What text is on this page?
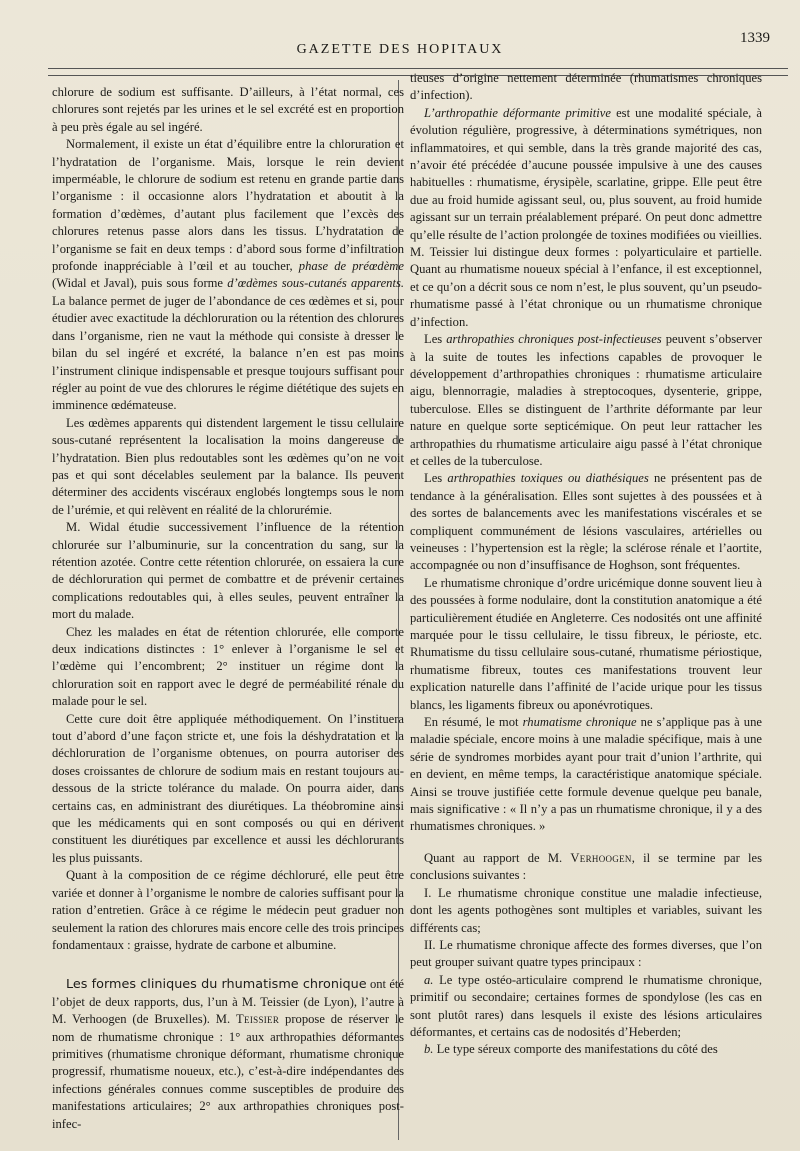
GAZETTE DES HOPITAUX
1339

chlorure de sodium est suffisante. D’ailleurs, à l’état normal, ces chlorures sont rejetés par les urines et le sel excrété est en proportion à peu près égale au sel ingéré.

Normalement, il existe un état d’équilibre entre la chloruration et l’hydratation de l’organisme. Mais, lorsque le rein devient imperméable, le chlorure de sodium est retenu en grande partie dans l’organisme : il occasionne alors l’hydratation et aboutit à la formation d’œdèmes, d’autant plus facilement que l’excès des chlorures retenus passe alors dans les tissus. L’hydratation de l’organisme se fait en deux temps : d’abord sous forme d’infiltration profonde inappréciable à l’œil et au toucher, phase de préœdème (Widal et Javal), puis sous forme d’œdèmes sous-cutanés apparents. La balance permet de juger de l’abondance de ces œdèmes et si, pour étudier avec exactitude la déchloruration ou la rétention des chlorures dans l’organisme, rien ne vaut la méthode qui consiste à dresser le bilan du sel ingéré et excrété, la balance n’en est pas moins l’instrument clinique indispensable et presque toujours suffisant pour régler au point de vue des chlorures le régime diététique des sujets en imminence œdémateuse.

Les œdèmes apparents qui distendent largement le tissu cellulaire sous-cutané représentent la localisation la moins dangereuse de l’hydratation. Bien plus redoutables sont les œdèmes qu’on ne voit pas et qui sont décelables seulement par la balance. Ils peuvent déterminer des accidents viscéraux englobés longtemps sous le nom de l’urémie, et qui relèvent en réalité de la chlorurémie.

M. Widal étudie successivement l’influence de la rétention chlorurée sur l’albuminurie, sur la concentration du sang, sur la rétention azotée. Contre cette rétention chlorurée, on essaiera la cure de déchloruration qui permet de combattre et de prévenir certaines complications redoutables qui, à elles seules, peuvent entraîner la mort du malade.

Chez les malades en état de rétention chlorurée, elle comporte deux indications distinctes : 1° enlever à l’organisme le sel et l’œdème qui l’encombrent; 2° instituer un régime dont la chloruration soit en rapport avec le degré de perméabilité rénale du malade pour le sel.

Cette cure doit être appliquée méthodiquement. On l’instituera tout d’abord d’une façon stricte et, une fois la déshydratation et la déchloruration de l’organisme obtenues, on pourra autoriser des doses croissantes de chlorure de sodium mais en restant toujours au-dessous de la stricte tolérance du malade. On pourra aider, dans certains cas, en administrant des diurétiques. La théobromine ainsi que les médicaments qui en sont composés ou qui en dérivent constituent les diurétiques par excellence et aussi les déchlorurants les plus puissants.

Quant à la composition de ce régime déchloruré, elle peut être variée et donner à l’organisme le nombre de calories suffisant pour la ration d’entretien. Grâce à ce régime le médecin peut graduer non seulement la ration des chlorures mais encore celle des trois principes fondamentaux : graisse, hydrate de carbone et albumine.

Les formes cliniques du rhumatisme chronique ont été l’objet de deux rapports, dus, l’un à M. Teissier (de Lyon), l’autre à M. Verhoogen (de Bruxelles). M. Teissier propose de réserver le nom de rhumatisme chronique : 1° aux arthropathies déformantes primitives (rhumatisme chronique déformant, rhumatisme chronique progressif, rhumatisme noueux, etc.), c’est-à-dire indépendantes des infections générales connues comme susceptibles de produire des manifestations articulaires; 2° aux arthropathies chroniques post-infec-

tieuses d’origine nettement déterminée (rhumatismes chroniques d’infection).

L’arthropathie déformante primitive est une modalité spéciale, à évolution régulière, progressive, à déterminations symétriques, non inflammatoires, et qui semble, dans la très grande majorité des cas, n’avoir été précédée d’aucune poussée impulsive à une des causes habituelles : rhumatisme, érysipèle, scarlatine, grippe. Elle peut être due au froid humide agissant seul, ou, plus souvent, au froid humide agissant sur un terrain préalablement préparé. On peut donc admettre qu’elle résulte de l’action prolongée de toxines modifiées ou vieillies. M. Teissier lui distingue deux formes : polyarticulaire et partielle. Quant au rhumatisme noueux spécial à l’enfance, il est exceptionnel, et ce qu’on a décrit sous ce nom n’est, le plus souvent, qu’un pseudo-rhumatisme passé à l’état chronique ou un rhumatisme chronique d’infection.

Les arthropathies chroniques post-infectieuses peuvent s’observer à la suite de toutes les infections capables de provoquer le développement d’arthropathies chroniques : rhumatisme articulaire aigu, blennorragie, maladies à streptocoques, dysenterie, grippe, tuberculose. Elles se distinguent de l’arthrite déformante par leur nature en quelque sorte septicémique. On peut leur rattacher les arthropathies du rhumatisme articulaire aigu passé à l’état chronique et celles de la tuberculose.

Les arthropathies toxiques ou diathésiques ne présentent pas de tendance à la généralisation. Elles sont sujettes à des poussées et à des sortes de balancements avec les manifestations viscérales et se compliquent communément de lésions vasculaires, artérielles ou veineuses : l’hypertension est la règle; la sclérose rénale et l’aortite, accompagnée ou non d’insuffisance de Hoghson, sont fréquentes.

Le rhumatisme chronique d’ordre uricémique donne souvent lieu à des poussées à forme nodulaire, dont la constitution anatomique a été particulièrement étudiée en Angleterre. Ces nodosités ont une affinité marquée pour le tissu cellulaire, le tissu fibreux, le périoste, etc. Rhumatisme du tissu cellulaire sous-cutané, rhumatisme périostique, rhumatisme fibreux, toutes ces manifestations trouvent leur explication naturelle dans l’affinité de l’acide urique pour les tissus blancs, les ligaments fibreux ou aponévrotiques.

En résumé, le mot rhumatisme chronique ne s’applique pas à une maladie spéciale, encore moins à une maladie spécifique, mais à une série de syndromes morbides ayant pour trait d’union l’arthrite, qui en devient, en même temps, la caractéristique anatomique spéciale. Ainsi se trouve justifiée cette formule devenue quelque peu banale, mais significative : « Il n’y a pas un rhumatisme chronique, il y a des rhumatismes chroniques. »

Quant au rapport de M. Verhoogen, il se termine par les conclusions suivantes :

I. Le rhumatisme chronique constitue une maladie infectieuse, dont les agents pothogènes sont multiples et variables, suivant les différents cas;

II. Le rhumatisme chronique affecte des formes diverses, que l’on peut grouper suivant quatre types principaux :

a. Le type ostéo-articulaire comprend le rhumatisme chronique, primitif ou secondaire; certaines formes de spondylose (les cas en sont plutôt rares) dans lesquels il existe des lésions articulaires déformantes, et certains cas de nodosités d’Heberden;

b. Le type séreux comporte des manifestations du côté des
